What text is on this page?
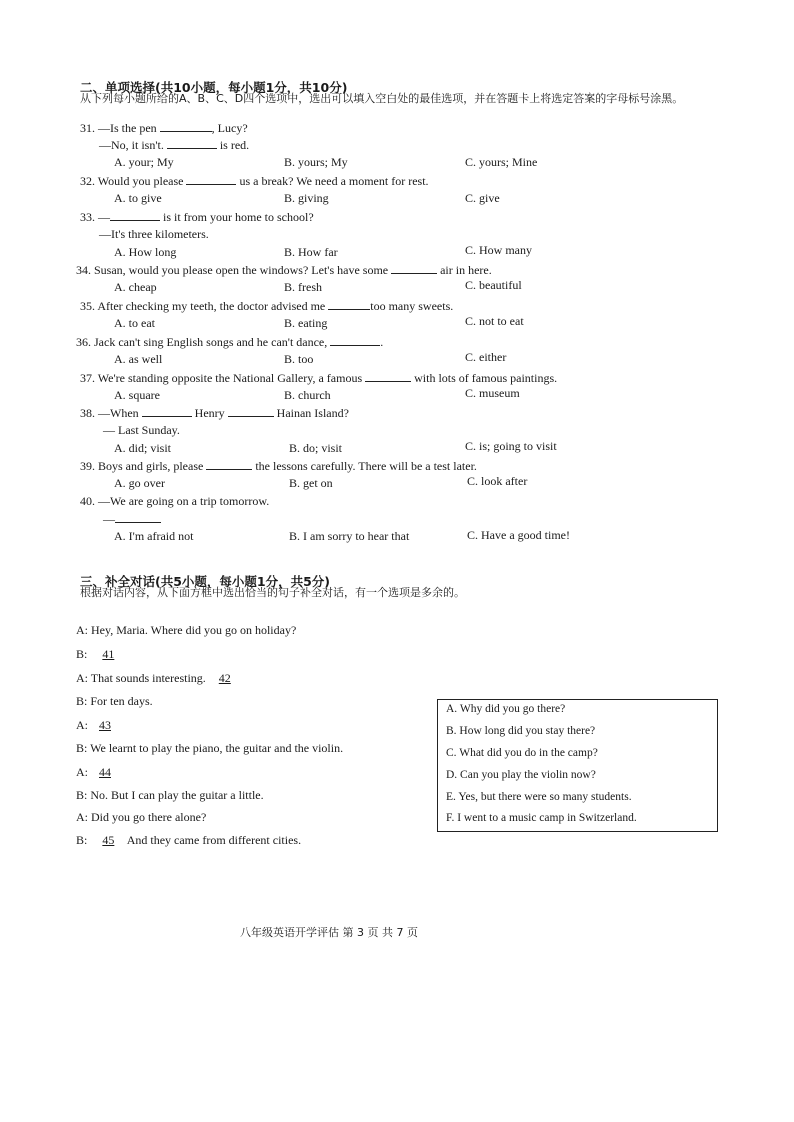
二、单项选择(共10小题，每小题1分，共10分)
从下列每小题所给的A、B、C、D四个选项中，选出可以填入空白处的最佳选项，并在答题卡上将选定答案的字母标号涂黑。
31. —Is the pen	, Lucy?
—No, it isn't.	is red.
A. your; My	B. yours; My	C. yours; Mine
32. Would you please	us a break? We need a moment for rest.
A. to give	B. giving	C. give
33. —	is it from your home to school?
—It's three kilometers.
A. How long	B. How far	C. How many
34. Susan, would you please open the windows? Let's have some	air in here.
A. cheap	B. fresh	C. beautiful
35. After checking my teeth, the doctor advised me	too many sweets.
A. to eat	B. eating	C. not to eat
36. Jack can't sing English songs and he can't dance,	.
A. as well	B. too	C. either
37. We're standing opposite the National Gallery, a famous	with lots of famous paintings.
A. square	B. church	C. museum
38. —When	Henry	Hainan Island?
— Last Sunday.
A. did; visit	B. do; visit	C. is; going to visit
39. Boys and girls, please	the lessons carefully. There will be a test later.
A. go over	B. get on	C. look after
40. —We are going on a trip tomorrow.
—
A. I'm afraid not	B. I am sorry to hear that	C. Have a good time!
三、补全对话(共5小题，每小题1分，共5分)
根据对话内容，从下面方框中选出恰当的句子补全对话，有一个选项是多余的。
A: Hey, Maria. Where did you go on holiday?
B: 41
A: That sounds interesting. 42
B: For ten days.
A: 43
B: We learnt to play the piano, the guitar and the violin.
A: 44
B: No. But I can play the guitar a little.
A: Did you go there alone?
B: 45 And they came from different cities.
A. Why did you go there?
B. How long did you stay there?
C. What did you do in the camp?
D. Can you play the violin now?
E. Yes, but there were so many students.
F. I went to a music camp in Switzerland.
八年级英语开学评估 第 3 页 共 7 页
